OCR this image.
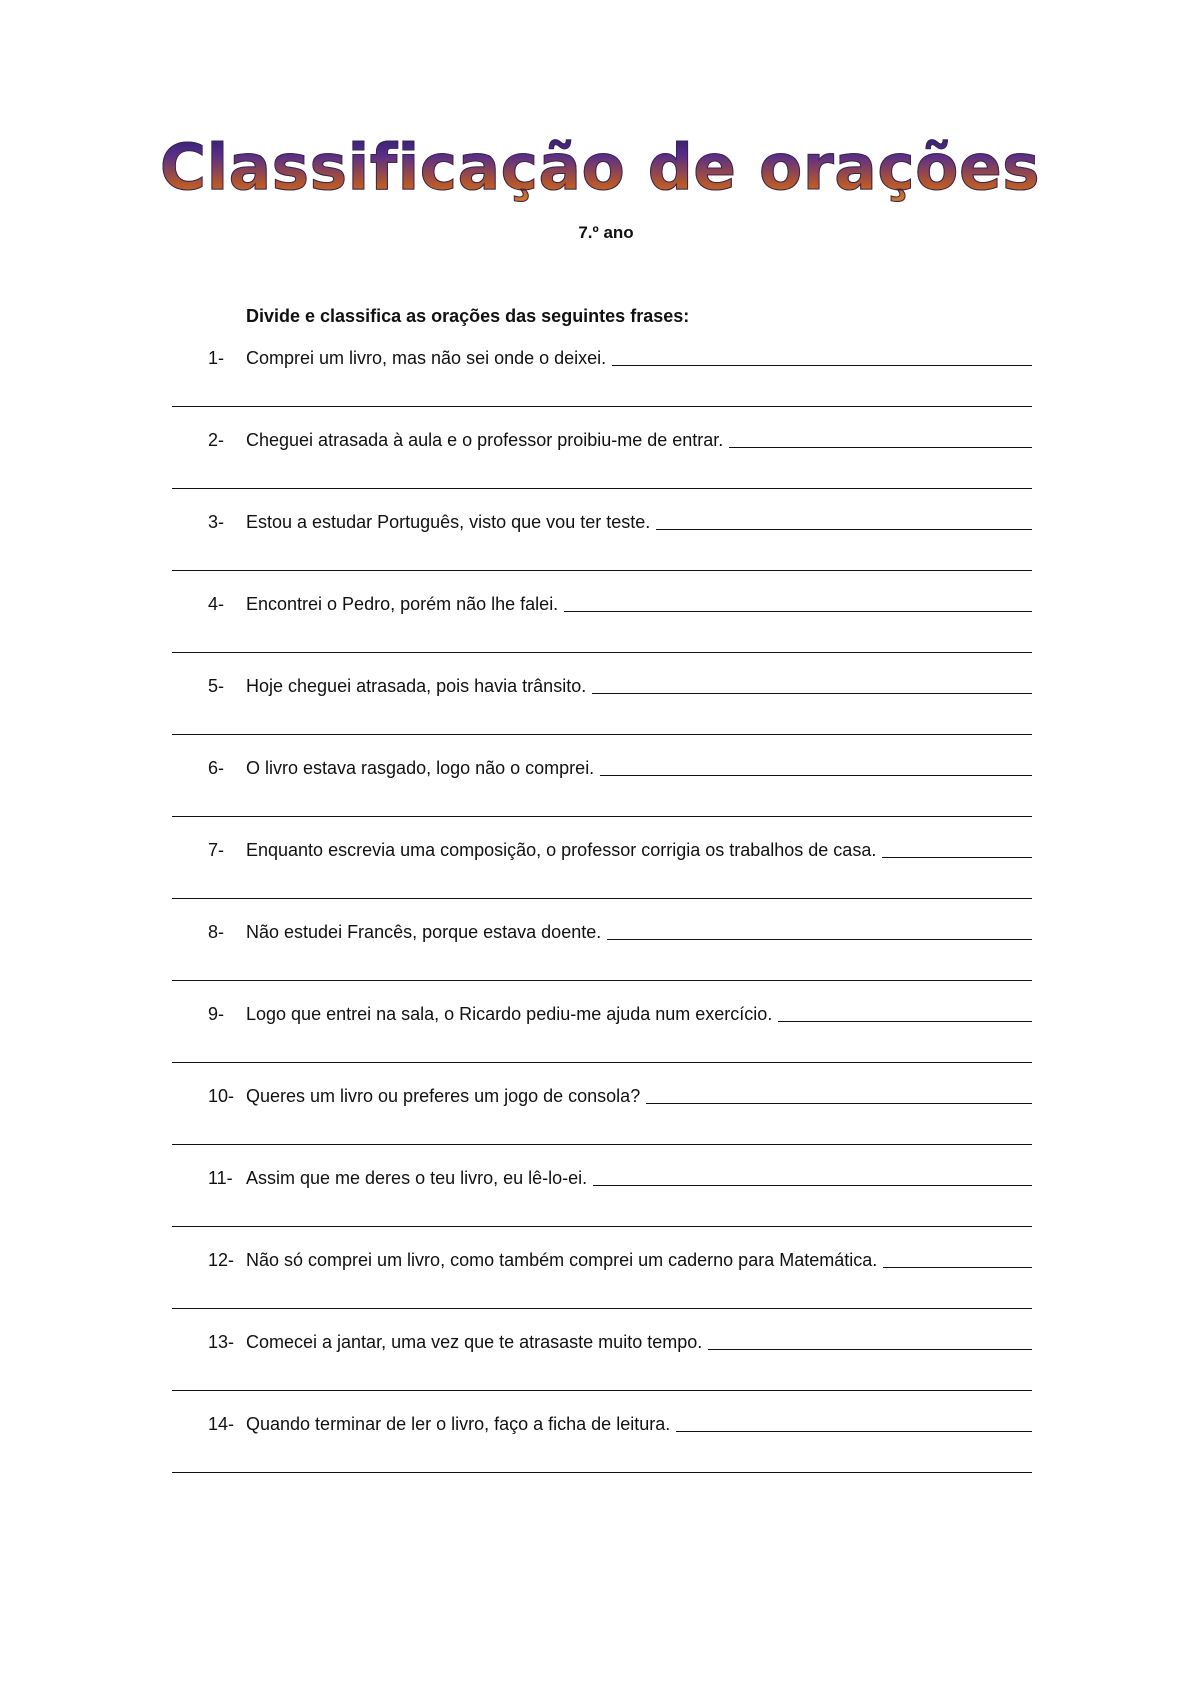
Classificação de orações
7.º ano
Divide e classifica as orações das seguintes frases:
1-	Comprei um livro, mas não sei onde o deixei.
2-	Cheguei atrasada à aula e o professor proibiu-me de entrar.
3-	Estou a estudar Português, visto que vou ter teste.
4-	Encontrei o Pedro, porém não lhe falei.
5-	Hoje cheguei atrasada, pois havia trânsito.
6-	O livro estava rasgado, logo não o comprei.
7-	Enquanto escrevia uma composição, o professor corrigia os trabalhos de casa.
8-	Não estudei Francês, porque estava doente.
9-	Logo que entrei na sala, o Ricardo pediu-me ajuda num exercício.
10- Queres um livro ou preferes um jogo de consola?
11- Assim que me deres o teu livro, eu lê-lo-ei.
12- Não só comprei um livro, como também comprei um caderno para Matemática.
13- Comecei a jantar, uma vez que te atrasaste muito tempo.
14- Quando terminar de ler o livro, faço a ficha de leitura.
